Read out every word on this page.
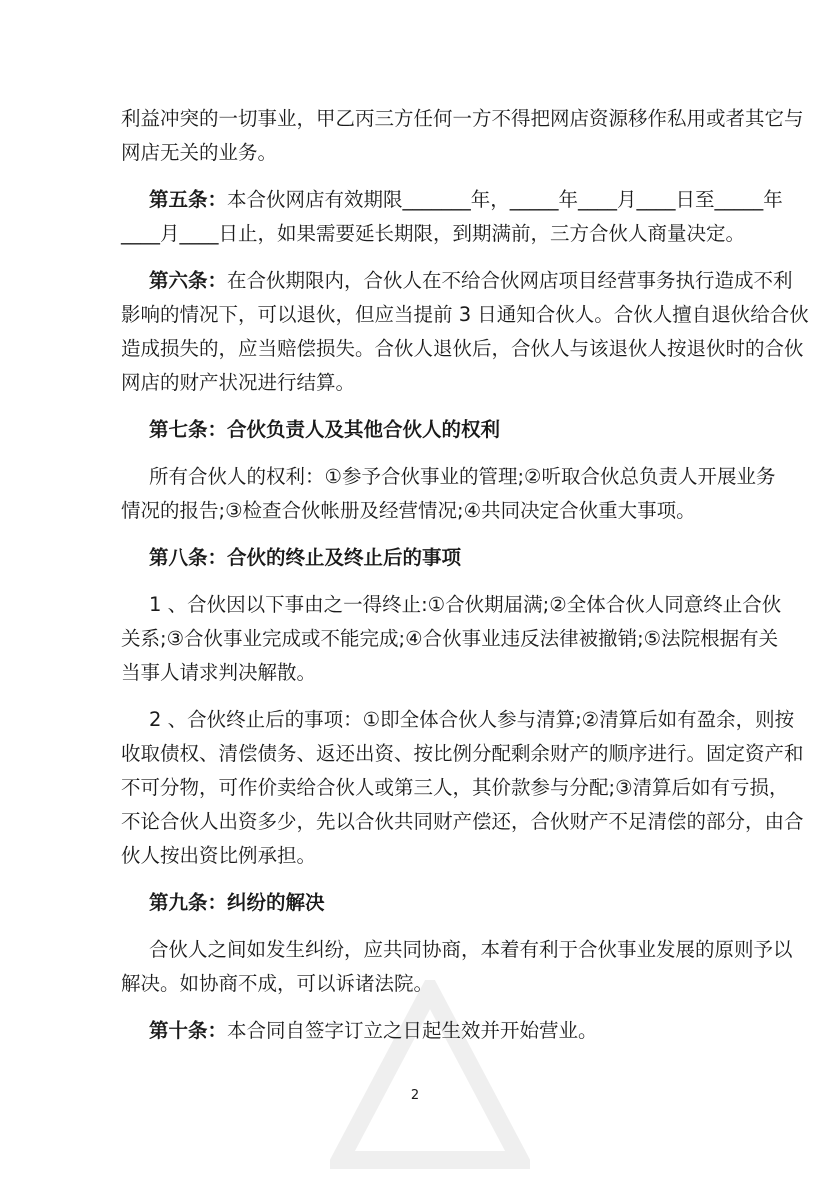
利益冲突的一切事业，甲乙丙三方任何一方不得把网店资源移作私用或者其它与
网店无关的业务。
第五条：本合伙网店有效期限_______年，_____年____月____日至_____年
____月____日止，如果需要延长期限，到期满前，三方合伙人商量决定。
第六条：在合伙期限内，合伙人在不给合伙网店项目经营事务执行造成不利
影响的情况下，可以退伙，但应当提前 3 日通知合伙人。合伙人擅自退伙给合伙
造成损失的，应当赔偿损失。合伙人退伙后，合伙人与该退伙人按退伙时的合伙
网店的财产状况进行结算。
第七条：合伙负责人及其他合伙人的权利
所有合伙人的权利：①参予合伙事业的管理;②听取合伙总负责人开展业务
情况的报告;③检查合伙帐册及经营情况;④共同决定合伙重大事项。
第八条：合伙的终止及终止后的事项
1 、合伙因以下事由之一得终止:①合伙期届满;②全体合伙人同意终止合伙
关系;③合伙事业完成或不能完成;④合伙事业违反法律被撤销;⑤法院根据有关
当事人请求判决解散。
2 、合伙终止后的事项：①即全体合伙人参与清算;②清算后如有盈余，则按
收取债权、清偿债务、返还出资、按比例分配剩余财产的顺序进行。固定资产和
不可分物，可作价卖给合伙人或第三人，其价款参与分配;③清算后如有亏损，
不论合伙人出资多少，先以合伙共同财产偿还，合伙财产不足清偿的部分，由合
伙人按出资比例承担。
第九条：纠纷的解决
合伙人之间如发生纠纷，应共同协商，本着有利于合伙事业发展的原则予以
解决。如协商不成，可以诉诸法院。
第十条：本合同自签字订立之日起生效并开始营业。
2
